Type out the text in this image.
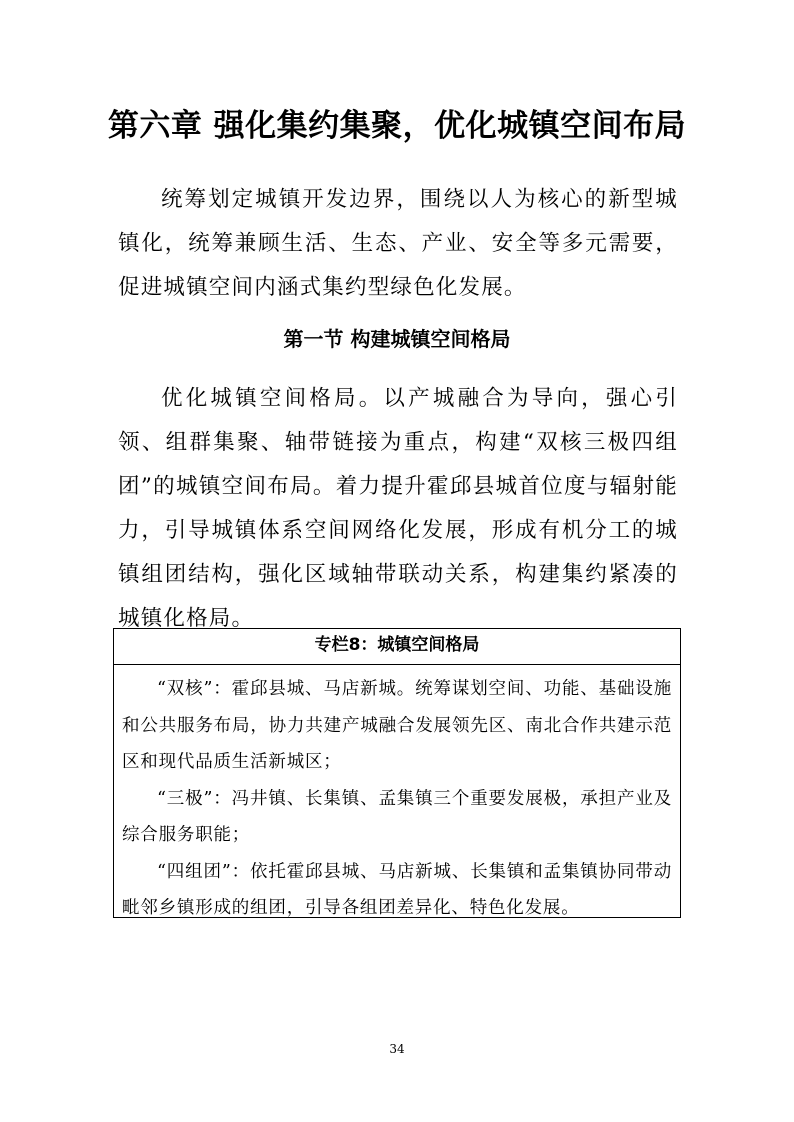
第六章 强化集约集聚，优化城镇空间布局

统筹划定城镇开发边界，围绕以人为核心的新型城镇化，统筹兼顾生活、生态、产业、安全等多元需要，促进城镇空间内涵式集约型绿色化发展。

第一节 构建城镇空间格局

优化城镇空间格局。以产城融合为导向，强心引领、组群集聚、轴带链接为重点，构建“双核三极四组团”的城镇空间布局。着力提升霍邱县城首位度与辐射能力，引导城镇体系空间网络化发展，形成有机分工的城镇组团结构，强化区域轴带联动关系，构建集约紧凑的城镇化格局。

专栏8：城镇空间格局

“双核”：霍邱县城、马店新城。统筹谋划空间、功能、基础设施和公共服务布局，协力共建产城融合发展领先区、南北合作共建示范区和现代品质生活新城区；

“三极”：冯井镇、长集镇、孟集镇三个重要发展极，承担产业及综合服务职能；

“四组团”：依托霍邱县城、马店新城、长集镇和孟集镇协同带动毗邻乡镇形成的组团，引导各组团差异化、特色化发展。

34
